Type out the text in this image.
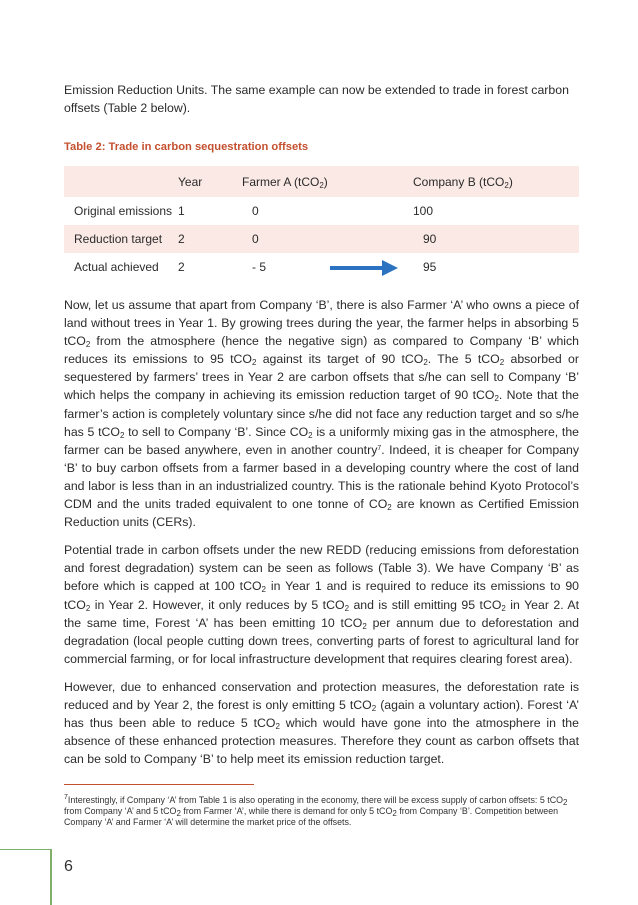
Emission Reduction Units. The same example can now be extended to trade in forest carbon
offsets (Table 2 below).
Table 2: Trade in carbon sequestration offsets
	Year	Farmer A (tCO$_2$)		Company B (tCO$_2$)
Original emissions	1	0		100
Reduction target	2	0		90
Actual achieved	2	- 5		95

Now, let us assume that apart from Company ‘B’, there is also Farmer ‘A’ who owns a piece of land without trees in Year 1. By growing trees during the year, the farmer helps in absorbing 5 tCO$_2$ from the atmosphere (hence the negative sign) as compared to Company ‘B’ which reduces its emissions to 95 tCO$_2$ against its target of 90 tCO$_2$. The 5 tCO$_2$ absorbed or sequestered by farmers’ trees in Year 2 are carbon offsets that s/he can sell to Company ‘B’ which helps the company in achieving its emission reduction target of 90 tCO$_2$. Note that the farmer’s action is completely voluntary since s/he did not face any reduction target and so s/he has 5 tCO$_2$ to sell to Company ‘B’. Since $CO_2$ is a uniformly mixing gas in the atmosphere, the farmer can be based anywhere, even in another country$^7$. Indeed, it is cheaper for Company ‘B’ to buy carbon offsets from a farmer based in a developing country where the cost of land and labor is less than in an industrialized country. This is the rationale behind Kyoto Protocol’s CDM and the units traded equivalent to one tonne of $CO_2$ are known as Certified Emission Reduction units (CERs).

Potential trade in carbon offsets under the new REDD (reducing emissions from deforestation and forest degradation) system can be seen as follows (Table 3). We have Company ‘B’ as before which is capped at 100 tCO$_2$ in Year 1 and is required to reduce its emissions to 90 tCO$_2$ in Year 2. However, it only reduces by 5 tCO$_2$ and is still emitting 95 tCO$_2$ in Year 2. At the same time, Forest ‘A’ has been emitting 10 tCO$_2$ per annum due to deforestation and degradation (local people cutting down trees, converting parts of forest to agricultural land for commercial farming, or for local infrastructure development that requires clearing forest area).

However, due to enhanced conservation and protection measures, the deforestation rate is reduced and by Year 2, the forest is only emitting 5 tCO$_2$ (again a voluntary action). Forest ‘A’ has thus been able to reduce 5 tCO$_2$ which would have gone into the atmosphere in the absence of these enhanced protection measures. Therefore they count as carbon offsets that can be sold to Company ‘B’ to help meet its emission reduction target.

$^7$Interestingly, if Company ‘A’ from Table 1 is also operating in the economy, there will be excess supply of carbon offsets: 5 tCO$_2$ from Company ‘A’ and 5 tCO$_2$ from Farmer ‘A’, while there is demand for only 5 tCO$_2$ from Company ‘B’. Competition between Company ‘A’ and Farmer ‘A’ will determine the market price of the offsets.
6
